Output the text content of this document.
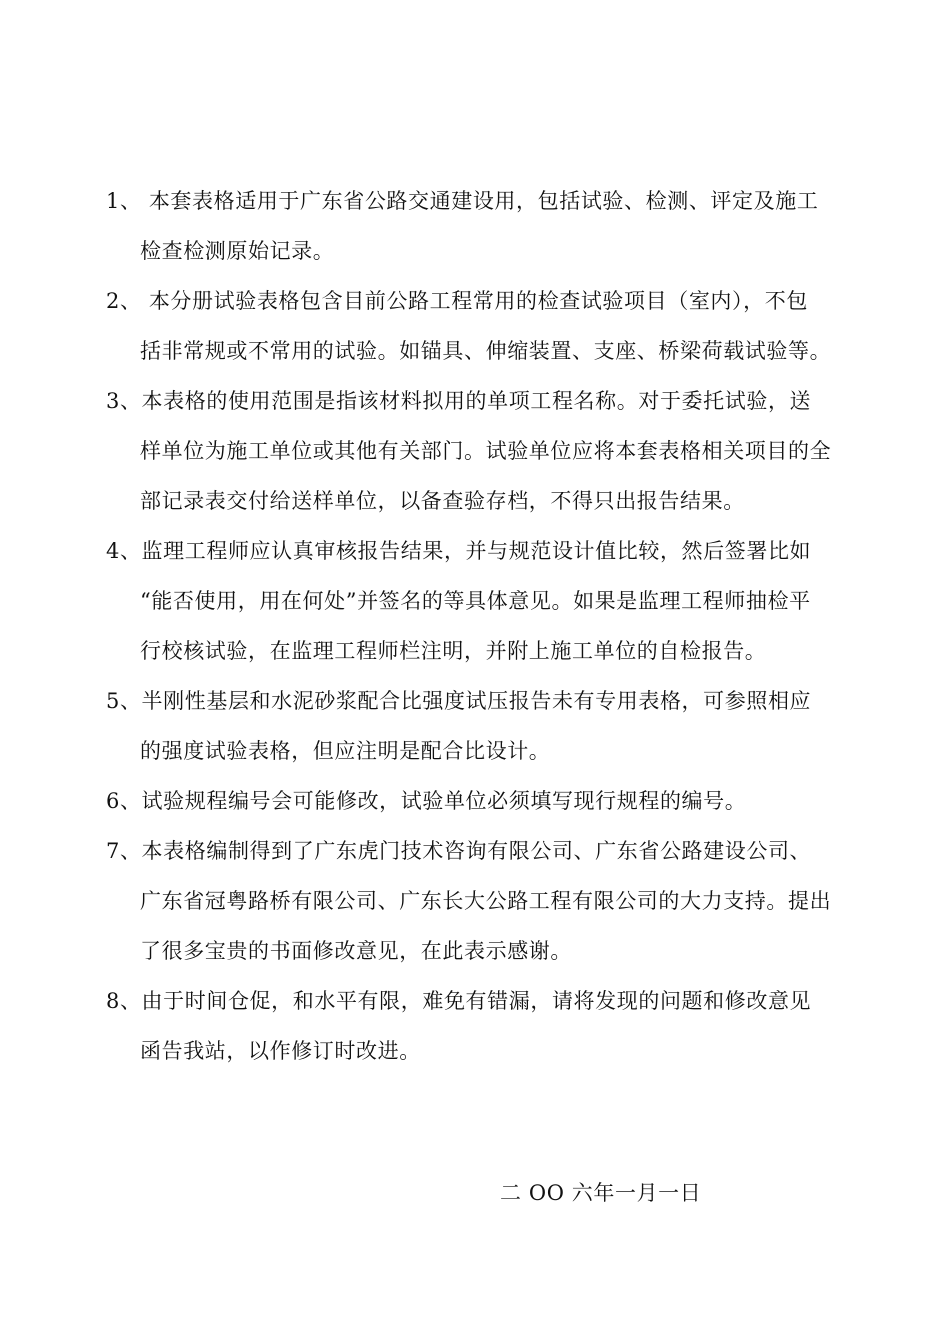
1、 本套表格适用于广东省公路交通建设用，包括试验、检测、评定及施工
检查检测原始记录。
2、 本分册试验表格包含目前公路工程常用的检查试验项目（室内），不包
括非常规或不常用的试验。如锚具、伸缩装置、支座、桥梁荷载试验等。
3、本表格的使用范围是指该材料拟用的单项工程名称。对于委托试验，送
样单位为施工单位或其他有关部门。试验单位应将本套表格相关项目的全
部记录表交付给送样单位，以备查验存档，不得只出报告结果。
4、监理工程师应认真审核报告结果，并与规范设计值比较，然后签署比如
“能否使用，用在何处”并签名的等具体意见。如果是监理工程师抽检平
行校核试验，在监理工程师栏注明，并附上施工单位的自检报告。
5、半刚性基层和水泥砂浆配合比强度试压报告未有专用表格，可参照相应
的强度试验表格，但应注明是配合比设计。
6、试验规程编号会可能修改，试验单位必须填写现行规程的编号。
7、本表格编制得到了广东虎门技术咨询有限公司、广东省公路建设公司、
广东省冠粤路桥有限公司、广东长大公路工程有限公司的大力支持。提出
了很多宝贵的书面修改意见，在此表示感谢。
8、由于时间仓促，和水平有限，难免有错漏，请将发现的问题和修改意见
函告我站，以作修订时改进。
二 OO 六年一月一日
